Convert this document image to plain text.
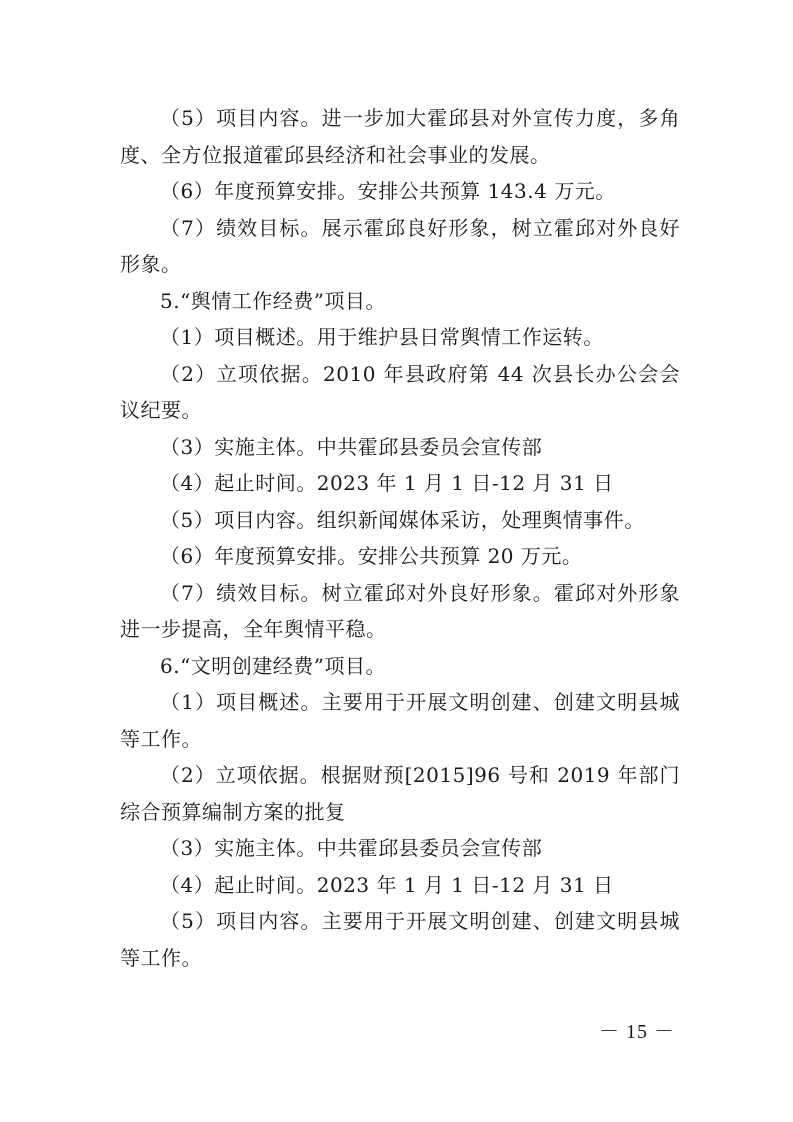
（5）项目内容。进一步加大霍邱县对外宣传力度，多角度、全方位报道霍邱县经济和社会事业的发展。

（6）年度预算安排。安排公共预算 143.4 万元。

（7）绩效目标。展示霍邱良好形象，树立霍邱对外良好形象。

5.“舆情工作经费”项目。

（1）项目概述。用于维护县日常舆情工作运转。

（2）立项依据。2010 年县政府第 44 次县长办公会会议纪要。

（3）实施主体。中共霍邱县委员会宣传部

（4）起止时间。2023 年 1 月 1 日-12 月 31 日

（5）项目内容。组织新闻媒体采访，处理舆情事件。

（6）年度预算安排。安排公共预算 20 万元。

（7）绩效目标。树立霍邱对外良好形象。霍邱对外形象进一步提高，全年舆情平稳。

6.“文明创建经费”项目。

（1）项目概述。主要用于开展文明创建、创建文明县城等工作。

（2）立项依据。根据财预[2015]96 号和 2019 年部门综合预算编制方案的批复

（3）实施主体。中共霍邱县委员会宣传部

（4）起止时间。2023 年 1 月 1 日-12 月 31 日

（5）项目内容。主要用于开展文明创建、创建文明县城等工作。

－ 15 －
